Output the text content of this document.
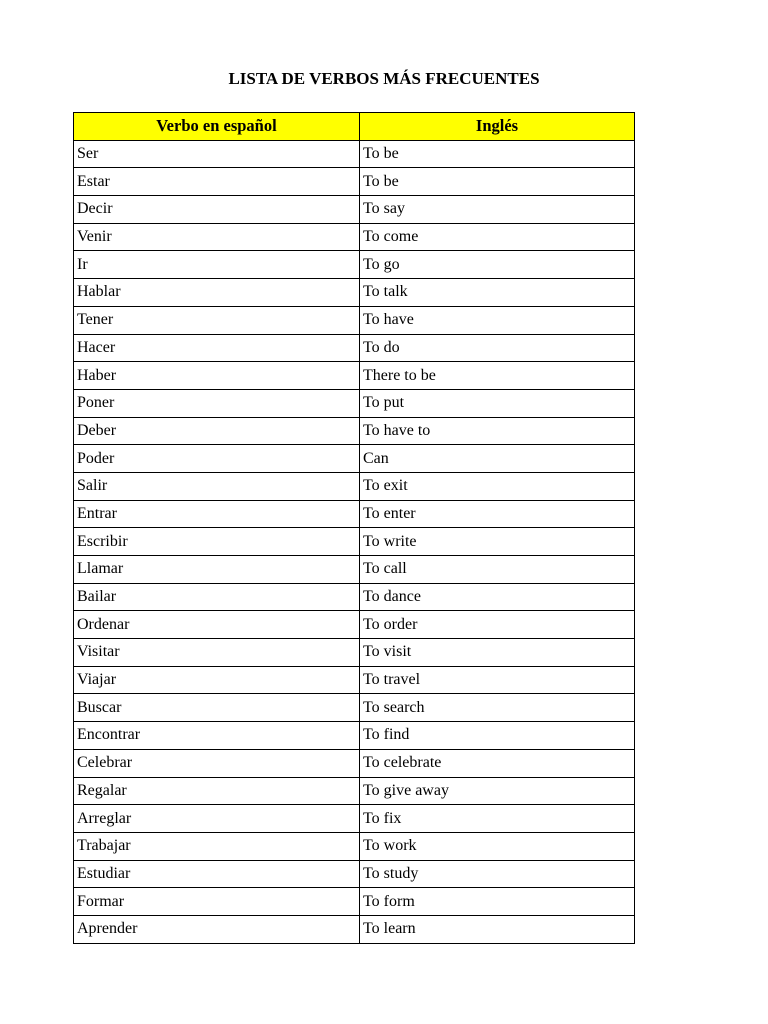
LISTA DE VERBOS MÁS FRECUENTES
Verbo en español	Inglés
Ser	To be
Estar	To be
Decir	To say
Venir	To come
Ir	To go
Hablar	To talk
Tener	To have
Hacer	To do
Haber	There to be
Poner	To put
Deber	To have to
Poder	Can
Salir	To exit
Entrar	To enter
Escribir	To write
Llamar	To call
Bailar	To dance
Ordenar	To order
Visitar	To visit
Viajar	To travel
Buscar	To search
Encontrar	To find
Celebrar	To celebrate
Regalar	To give away
Arreglar	To fix
Trabajar	To work
Estudiar	To study
Formar	To form
Aprender	To learn
